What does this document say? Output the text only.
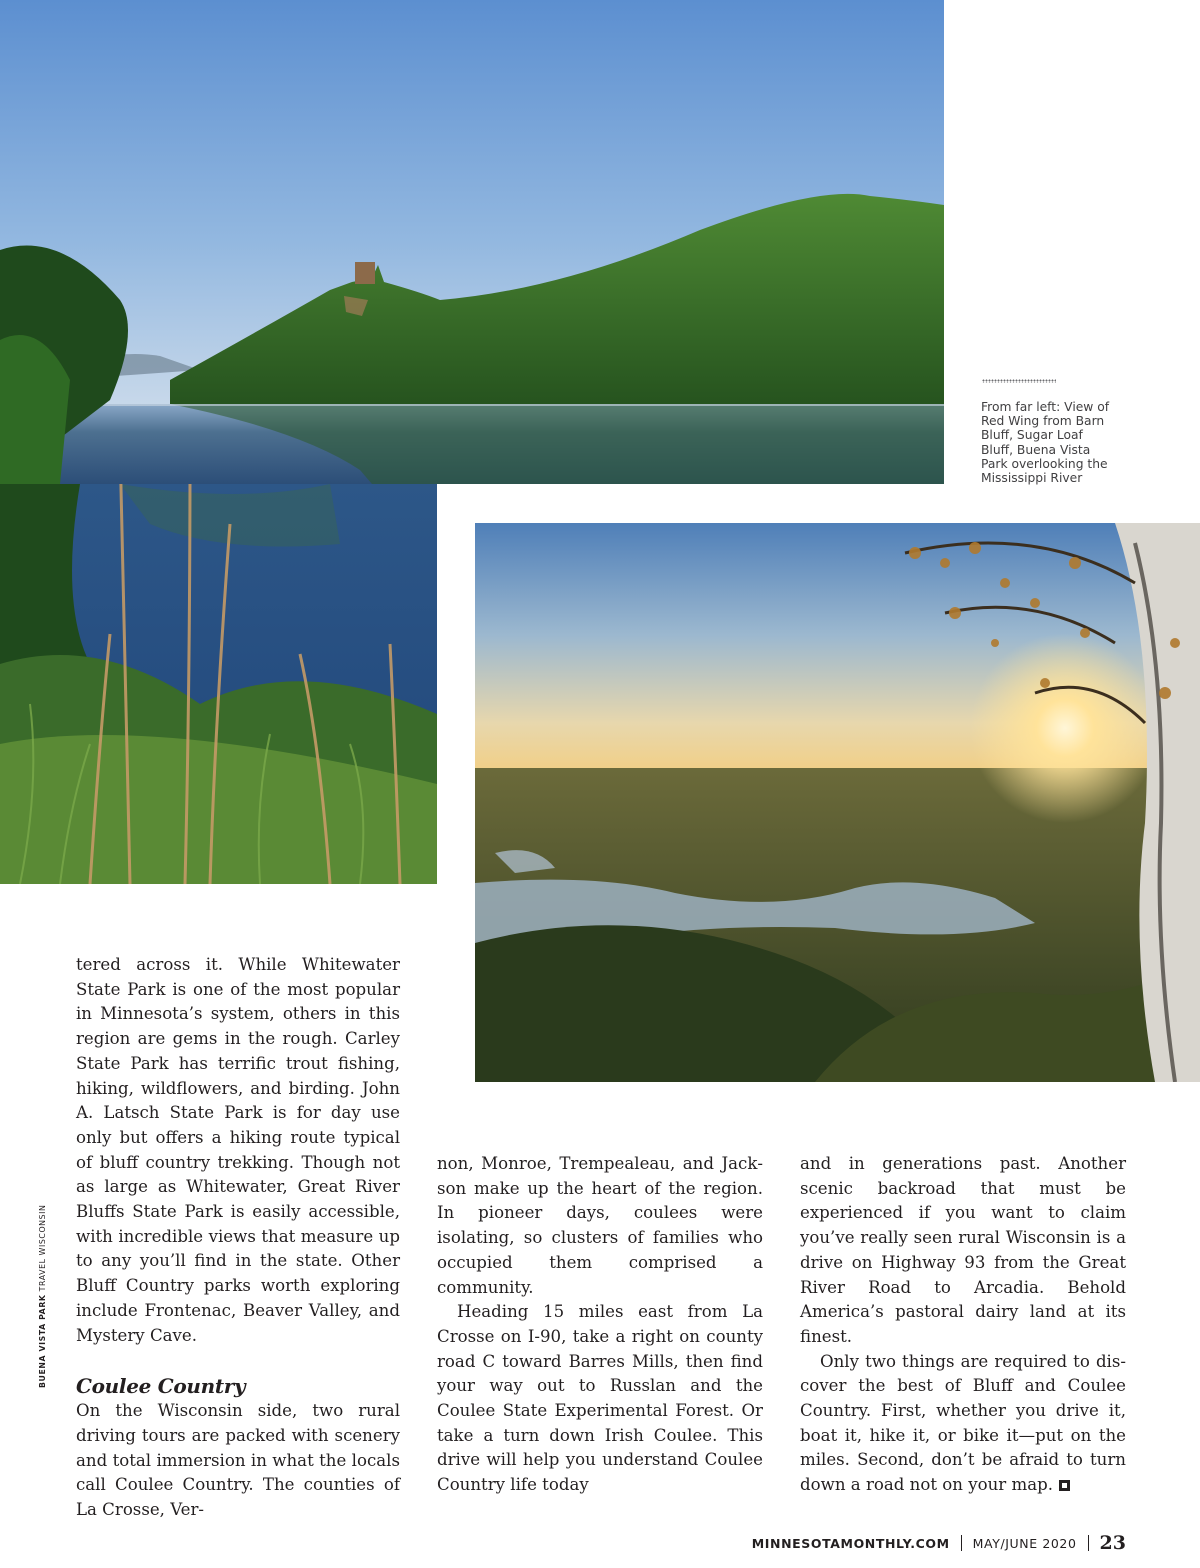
From far left: View of
Red Wing from Barn
Bluff, Sugar Loaf
Bluff, Buena Vista
Park overlooking the
Mississippi River

tered across it. While Whitewater State Park is one of the most popular in Minnesota’s system, others in this region are gems in the rough. Carley State Park has terrific trout fishing, hiking, wildflowers, and birding. John A. Latsch State Park is for day use only but offers a hiking route typical of bluff country trekking. Though not as large as Whitewater, Great River Bluffs State Park is easily accessible, with incredible views that measure up to any you’ll find in the state. Other Bluff Country parks worth exploring include Frontenac, Beaver Valley, and Mystery Cave.

Coulee Country

On the Wisconsin side, two rural driving tours are packed with scenery and total immersion in what the locals call Coulee Country. The counties of La Crosse, Ver-

non, Monroe, Trempealeau, and Jackson make up the heart of the region. In pioneer days, coulees were isolating, so clusters of families who occupied them comprised a community.

Heading 15 miles east from La Crosse on I-90, take a right on county road C toward Barres Mills, then find your way out to Russlan and the Coulee State Experimental Forest. Or take a turn down Irish Coulee. This drive will help you understand Coulee Country life today

and in generations past. Another scenic backroad that must be experienced if you want to claim you’ve really seen rural Wisconsin is a drive on Highway 93 from the Great River Road to Arcadia. Behold America’s pastoral dairy land at its finest.

Only two things are required to discover the best of Bluff and Coulee Country. First, whether you drive it, boat it, hike it, or bike it—put on the miles. Second, don’t be afraid to turn down a road not on your map.

BUENA VISTA PARK TRAVEL WISCONSIN
MINNESOTAMONTHLY.COM MAY/JUNE 2020 23
